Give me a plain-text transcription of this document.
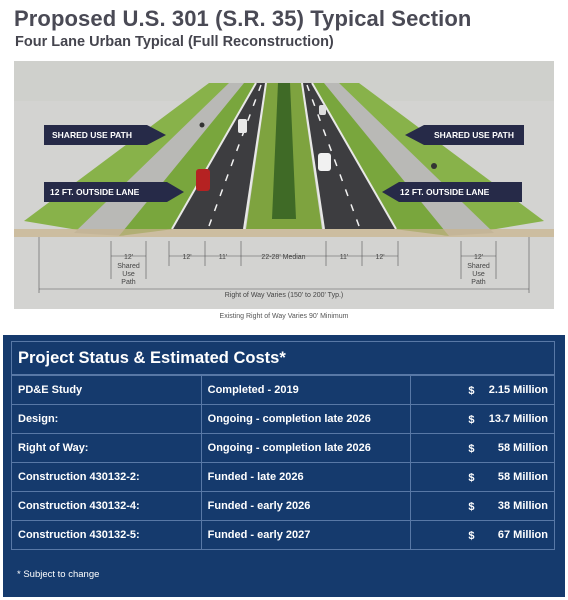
Proposed U.S. 301 (S.R. 35) Typical Section
Four Lane Urban Typical (Full Reconstruction)
SHARED USE PATH	SHARED USE PATH
12 FT. OUTSIDE LANE	12 FT. OUTSIDE LANE
12'
Shared
Use
Path
12'	11'	22-28' Median	11'	12'	12'
Shared
Use
Path
Right of Way Varies (150' to 200' Typ.)
Existing Right of Way Varies 90' Minimum
Project Status & Estimated Costs*
PD&E Study	Completed - 2019	$ 2.15 Million

Design:	Ongoing - completion late 2026	$ 13.7 Million

Right of Way:	Ongoing - completion late 2026	$ 58 Million

Construction 430132-2:	Funded - late 2026	$ 58 Million

Construction 430132-4:	Funded - early 2026	$ 38 Million

Construction 430132-5:	Funded - early 2027	$ 67 Million
* Subject to change
